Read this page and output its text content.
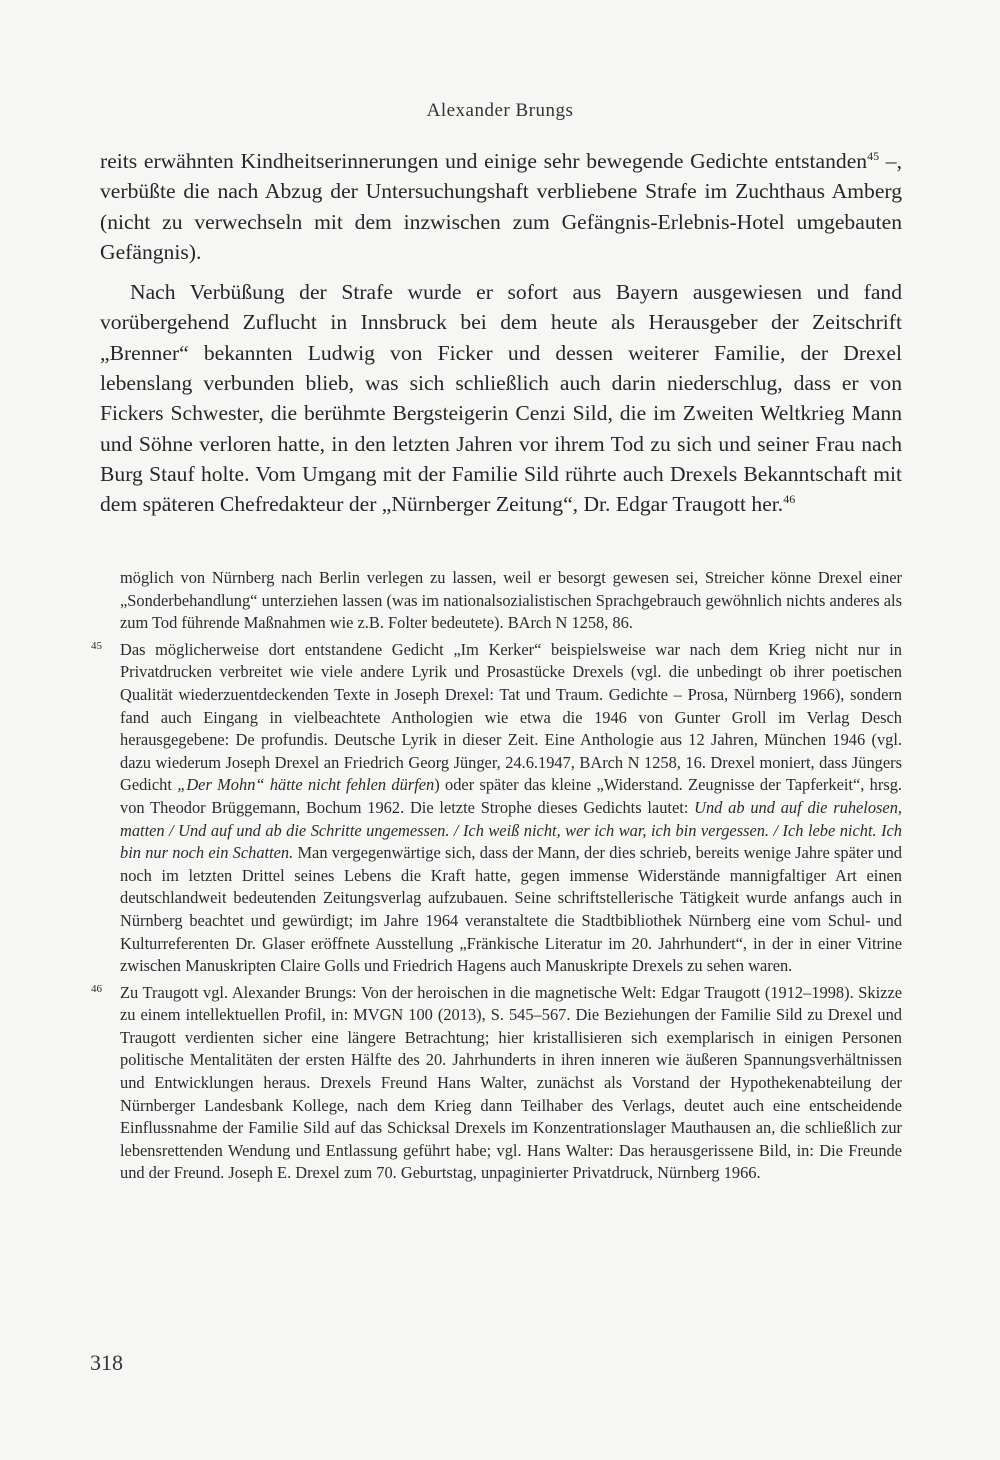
Alexander Brungs

reits erwähnten Kindheitserinnerungen und einige sehr bewegende Gedichte entstanden$^{45}$ –, verbüßte die nach Abzug der Untersuchungshaft verbliebene Strafe im Zuchthaus Amberg (nicht zu verwechseln mit dem inzwischen zum Gefängnis-Erlebnis-Hotel umgebauten Gefängnis).

Nach Verbüßung der Strafe wurde er sofort aus Bayern ausgewiesen und fand vorübergehend Zuflucht in Innsbruck bei dem heute als Herausgeber der Zeitschrift „Brenner“ bekannten Ludwig von Ficker und dessen weiterer Familie, der Drexel lebenslang verbunden blieb, was sich schließlich auch darin niederschlug, dass er von Fickers Schwester, die berühmte Bergsteigerin Cenzi Sild, die im Zweiten Weltkrieg Mann und Söhne verloren hatte, in den letzten Jahren vor ihrem Tod zu sich und seiner Frau nach Burg Stauf holte. Vom Umgang mit der Familie Sild rührte auch Drexels Bekanntschaft mit dem späteren Chefredakteur der „Nürnberger Zeitung“, Dr. Edgar Traugott her.$^{46}$

möglich von Nürnberg nach Berlin verlegen zu lassen, weil er besorgt gewesen sei, Streicher könne Drexel einer „Sonderbehandlung“ unterziehen lassen (was im nationalsozialistischen Sprachgebrauch gewöhnlich nichts anderes als zum Tod führende Maßnahmen wie z.B. Folter bedeutete). BArch N 1258, 86.

45 Das möglicherweise dort entstandene Gedicht „Im Kerker“ beispielsweise war nach dem Krieg nicht nur in Privatdrucken verbreitet wie viele andere Lyrik und Prosastücke Drexels (vgl. die unbedingt ob ihrer poetischen Qualität wiederzuentdeckenden Texte in Joseph Drexel: Tat und Traum. Gedichte – Prosa, Nürnberg 1966), sondern fand auch Eingang in vielbeachtete Anthologien wie etwa die 1946 von Gunter Groll im Verlag Desch herausgegebene: De profundis. Deutsche Lyrik in dieser Zeit. Eine Anthologie aus 12 Jahren, München 1946 (vgl. dazu wiederum Joseph Drexel an Friedrich Georg Jünger, 24.6.1947, BArch N 1258, 16. Drexel moniert, dass Jüngers Gedicht „Der Mohn“ hätte nicht fehlen dürfen) oder später das kleine „Widerstand. Zeugnisse der Tapferkeit“, hrsg. von Theodor Brüggemann, Bochum 1962. Die letzte Strophe dieses Gedichts lautet: Und ab und auf die ruhelosen, matten / Und auf und ab die Schritte ungemessen. / Ich weiß nicht, wer ich war, ich bin vergessen. / Ich lebe nicht. Ich bin nur noch ein Schatten. Man vergegenwärtige sich, dass der Mann, der dies schrieb, bereits wenige Jahre später und noch im letzten Drittel seines Lebens die Kraft hatte, gegen immense Widerstände mannigfaltiger Art einen deutschlandweit bedeutenden Zeitungsverlag aufzubauen. Seine schriftstellerische Tätigkeit wurde anfangs auch in Nürnberg beachtet und gewürdigt; im Jahre 1964 veranstaltete die Stadtbibliothek Nürnberg eine vom Schul- und Kulturreferenten Dr. Glaser eröffnete Ausstellung „Fränkische Literatur im 20. Jahrhundert“, in der in einer Vitrine zwischen Manuskripten Claire Golls und Friedrich Hagens auch Manuskripte Drexels zu sehen waren.

46 Zu Traugott vgl. Alexander Brungs: Von der heroischen in die magnetische Welt: Edgar Traugott (1912–1998). Skizze zu einem intellektuellen Profil, in: MVGN 100 (2013), S. 545–567. Die Beziehungen der Familie Sild zu Drexel und Traugott verdienten sicher eine längere Betrachtung; hier kristallisieren sich exemplarisch in einigen Personen politische Mentalitäten der ersten Hälfte des 20. Jahrhunderts in ihren inneren wie äußeren Spannungsverhältnissen und Entwicklungen heraus. Drexels Freund Hans Walter, zunächst als Vorstand der Hypothekenabteilung der Nürnberger Landesbank Kollege, nach dem Krieg dann Teilhaber des Verlags, deutet auch eine entscheidende Einflussnahme der Familie Sild auf das Schicksal Drexels im Konzentrationslager Mauthausen an, die schließlich zur lebensrettenden Wendung und Entlassung geführt habe; vgl. Hans Walter: Das herausgerissene Bild, in: Die Freunde und der Freund. Joseph E. Drexel zum 70. Geburtstag, unpaginierter Privatdruck, Nürnberg 1966.

318
